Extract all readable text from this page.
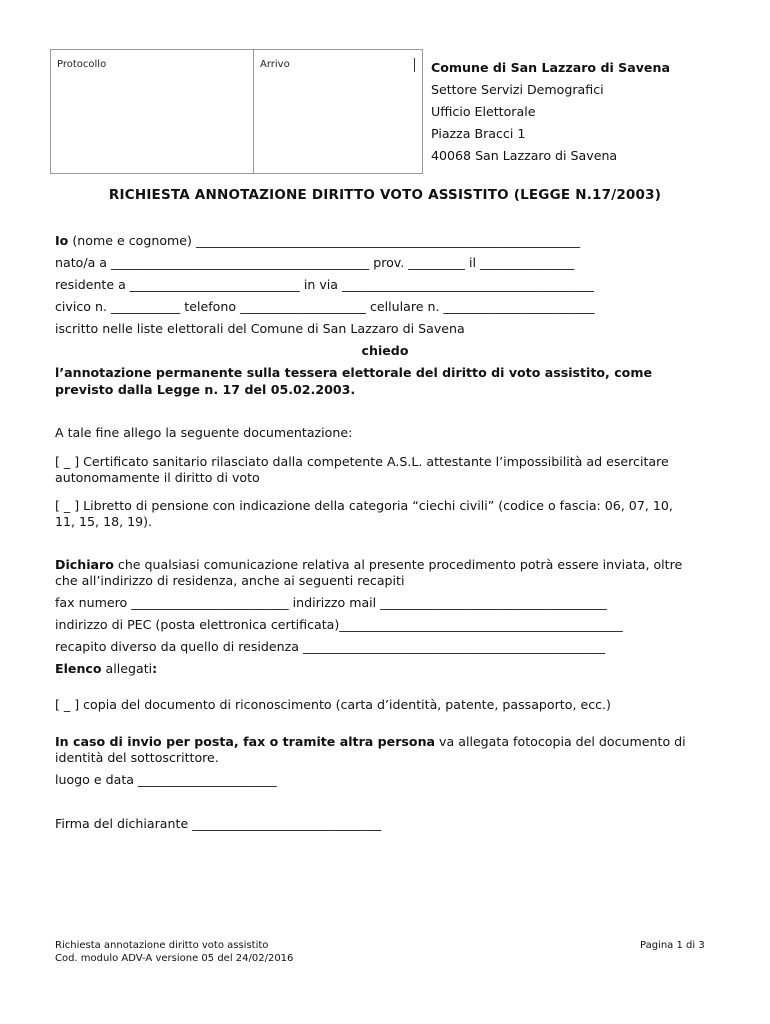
Protocollo	Arrivo	Comune di San Lazzaro di Savena
Settore Servizi Demografici
Ufficio Elettorale
Piazza Bracci 1
40068 San Lazzaro di Savena
RICHIESTA ANNOTAZIONE DIRITTO VOTO ASSISTITO (LEGGE N.17/2003)
Io (nome e cognome) _____________________________________________________________
nato/a a _________________________________________ prov. _________ il _______________
residente a ___________________________ in via ________________________________________
civico n. ___________ telefono ____________________ cellulare n. ________________________
iscritto nelle liste elettorali del Comune di San Lazzaro di Savena
chiedo
l’annotazione permanente sulla tessera elettorale del diritto di voto assistito, come
previsto dalla Legge n. 17 del 05.02.2003.
A tale fine allego la seguente documentazione:
[ _ ] Certificato sanitario rilasciato dalla competente A.S.L. attestante l’impossibilità ad esercitare
autonomamente il diritto di voto
[ _ ] Libretto di pensione con indicazione della categoria “ciechi civili” (codice o fascia: 06, 07, 10,
11, 15, 18, 19).
Dichiaro che qualsiasi comunicazione relativa al presente procedimento potrà essere inviata, oltre
che all’indirizzo di residenza, anche ai seguenti recapiti
fax numero _________________________ indirizzo mail ____________________________________
indirizzo di PEC (posta elettronica certificata)_____________________________________________
recapito diverso da quello di residenza ________________________________________________
Elenco allegati:
[ _ ] copia del documento di riconoscimento (carta d’identità, patente, passaporto, ecc.)
In caso di invio per posta, fax o tramite altra persona va allegata fotocopia del documento di
identità del sottoscrittore.
luogo e data ______________________
Firma del dichiarante ______________________________
Richiesta annotazione diritto voto assistito
Cod. modulo ADV-A versione 05 del 24/02/2016
Pagina 1 di 3
